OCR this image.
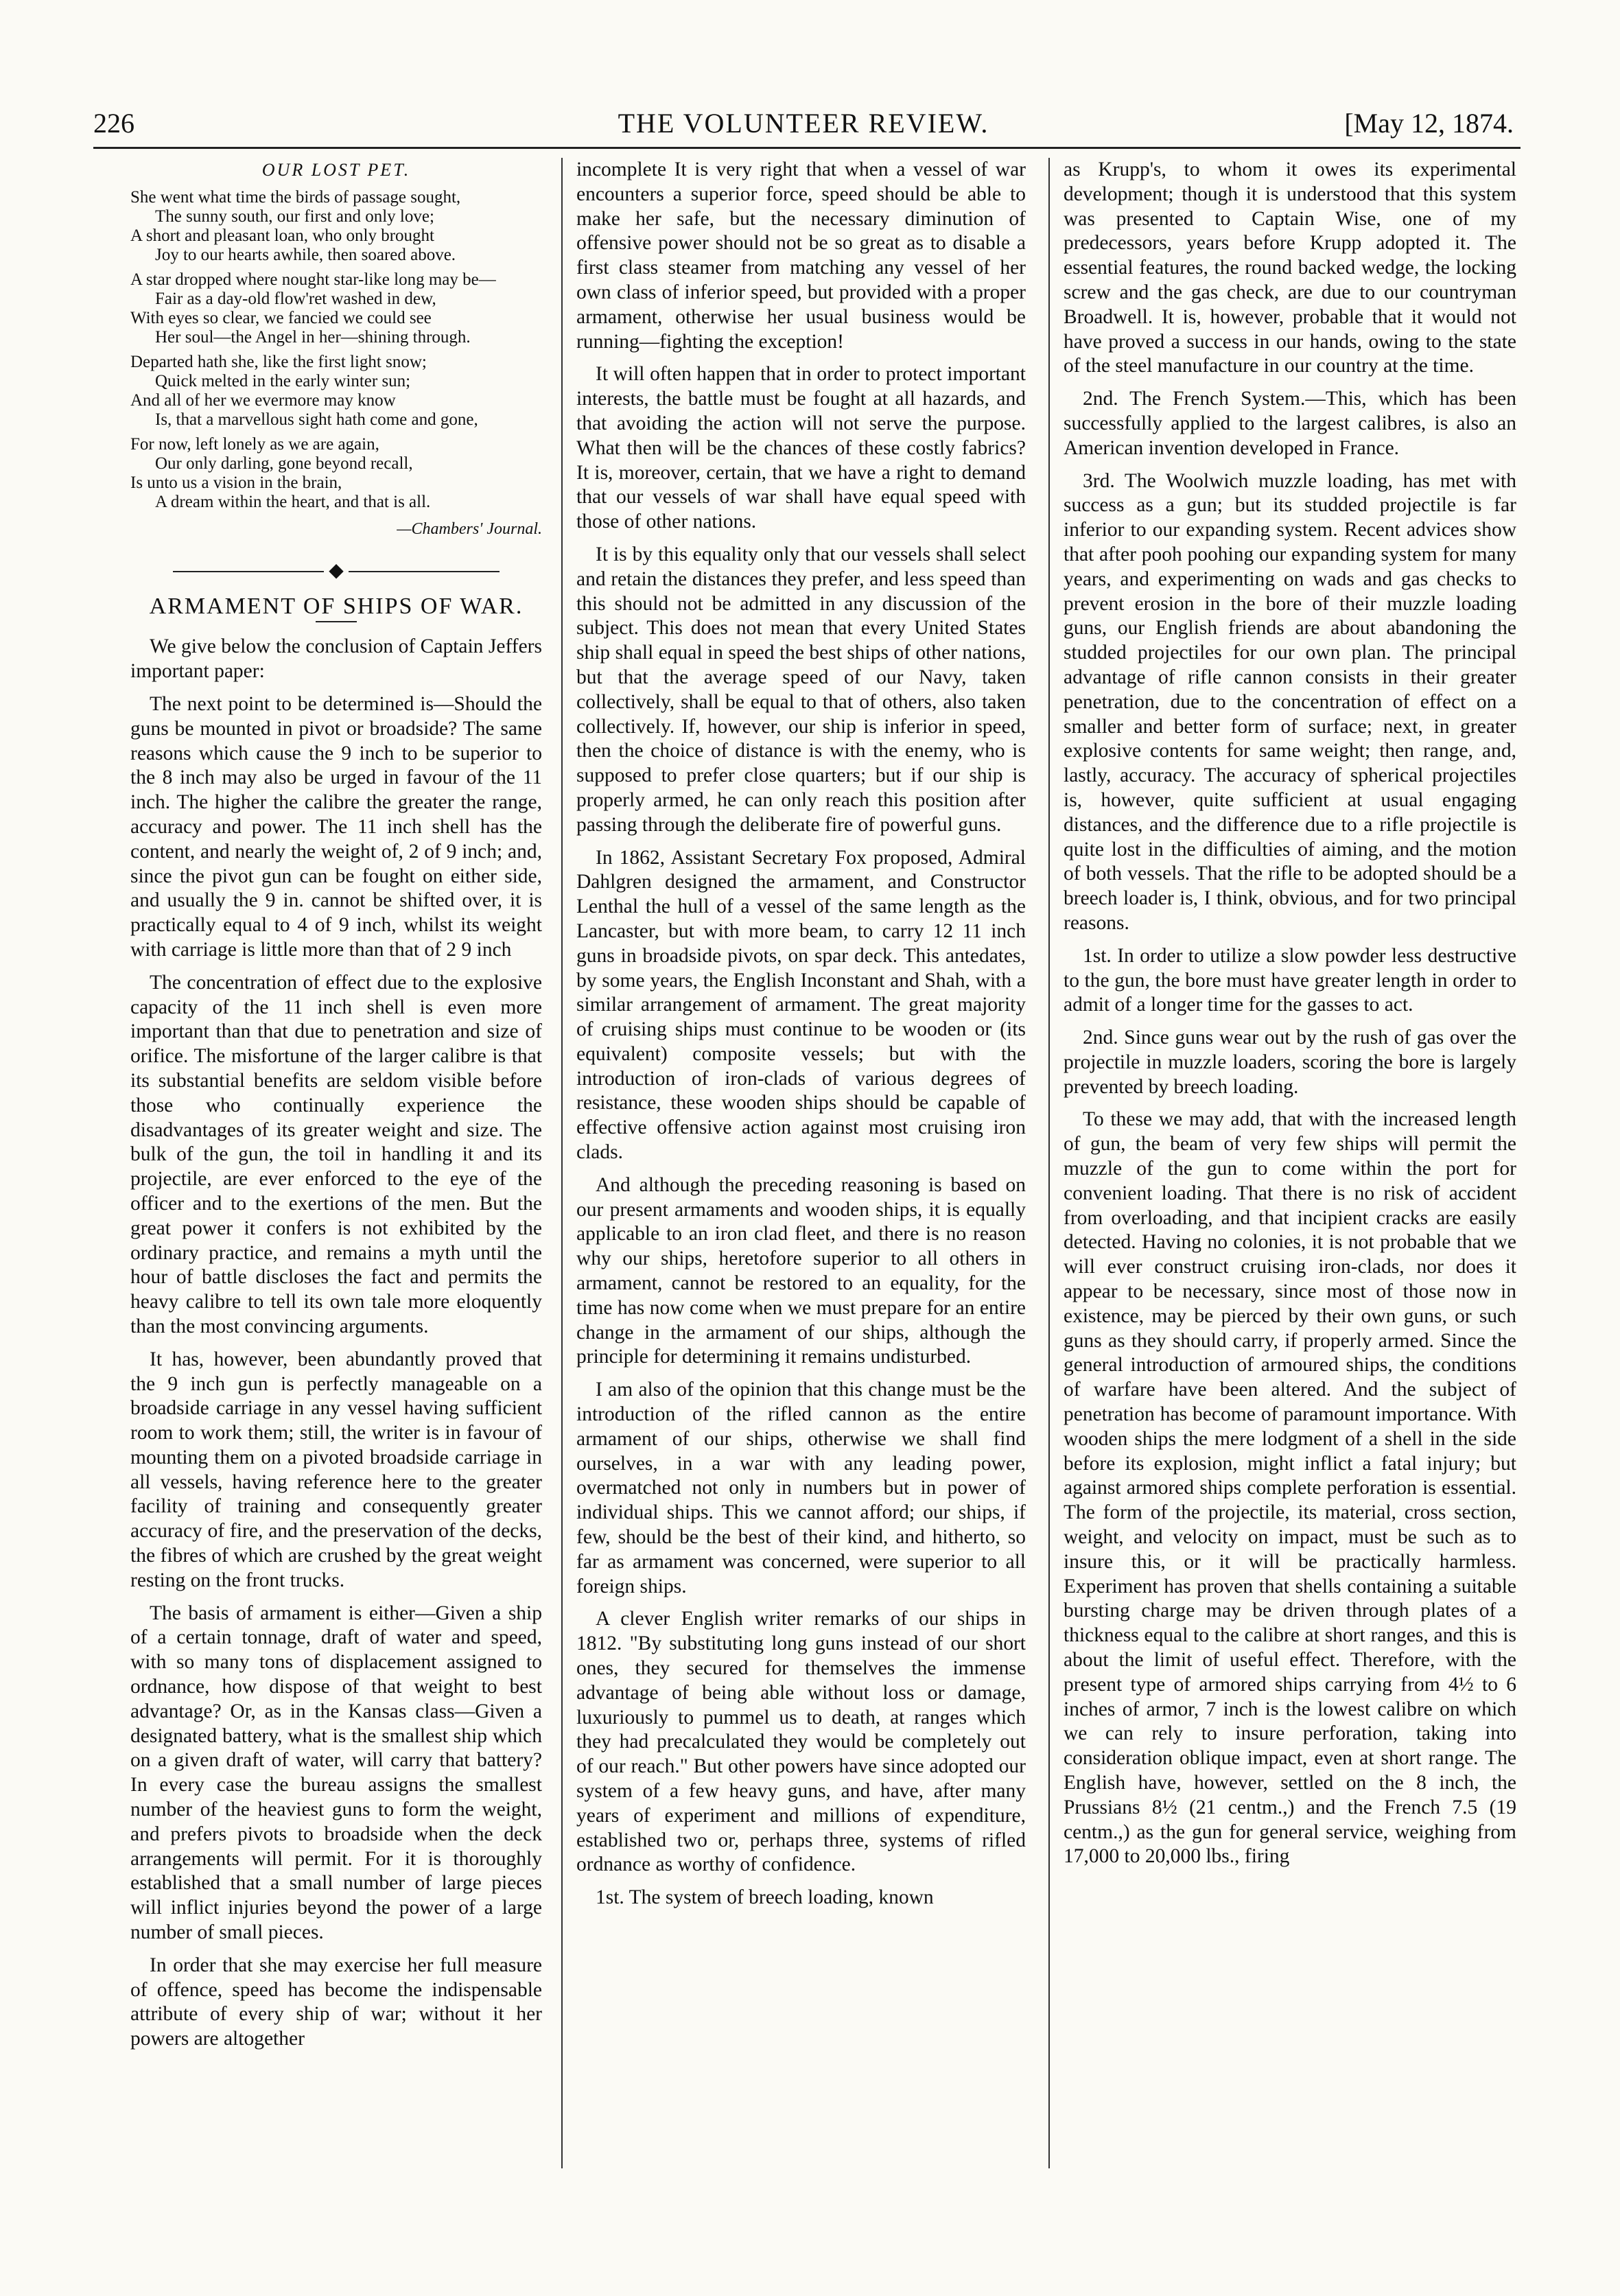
226	THE VOLUNTEER REVIEW.	[May 12, 1874.
OUR LOST PET.
She went what time the birds of passage sought,
The sunny south, our first and only love;
A short and pleasant loan, who only brought
Joy to our hearts awhile, then soared above.
A star dropped where nought star-like long may be—
Fair as a day-old flow'ret washed in dew,
With eyes so clear, we fancied we could see
Her soul—the Angel in her—shining through.
Departed hath she, like the first light snow;
Quick melted in the early winter sun;
And all of her we evermore may know
Is, that a marvellous sight hath come and gone,
For now, left lonely as we are again,
Our only darling, gone beyond recall,
Is unto us a vision in the brain,
A dream within the heart, and that is all.
—Chambers' Journal.
◆
ARMAMENT OF SHIPS OF WAR.

We give below the conclusion of Captain Jeffers important paper:

The next point to be determined is—Should the guns be mounted in pivot or broadside? The same reasons which cause the 9 inch to be superior to the 8 inch may also be urged in favour of the 11 inch. The higher the calibre the greater the range, accuracy and power. The 11 inch shell has the content, and nearly the weight of, 2 of 9 inch; and, since the pivot gun can be fought on either side, and usually the 9 in. cannot be shifted over, it is practically equal to 4 of 9 inch, whilst its weight with carriage is little more than that of 2 9 inch

The concentration of effect due to the explosive capacity of the 11 inch shell is even more important than that due to penetration and size of orifice. The misfortune of the larger calibre is that its substantial benefits are seldom visible before those who continually experience the disadvantages of its greater weight and size. The bulk of the gun, the toil in handling it and its projectile, are ever enforced to the eye of the officer and to the exertions of the men. But the great power it confers is not exhibited by the ordinary practice, and remains a myth until the hour of battle discloses the fact and permits the heavy calibre to tell its own tale more eloquently than the most convincing arguments.

It has, however, been abundantly proved that the 9 inch gun is perfectly manageable on a broadside carriage in any vessel having sufficient room to work them; still, the writer is in favour of mounting them on a pivoted broadside carriage in all vessels, having reference here to the greater facility of training and consequently greater accuracy of fire, and the preservation of the decks, the fibres of which are crushed by the great weight resting on the front trucks.

The basis of armament is either—Given a ship of a certain tonnage, draft of water and speed, with so many tons of displacement assigned to ordnance, how dispose of that weight to best advantage? Or, as in the Kansas class—Given a designated battery, what is the smallest ship which on a given draft of water, will carry that battery? In every case the bureau assigns the smallest number of the heaviest guns to form the weight, and prefers pivots to broadside when the deck arrangements will permit. For it is thoroughly established that a small number of large pieces will inflict injuries beyond the power of a large number of small pieces.

In order that she may exercise her full measure of offence, speed has become the indispensable attribute of every ship of war; without it her powers are altogether

incomplete It is very right that when a vessel of war encounters a superior force, speed should be able to make her safe, but the necessary diminution of offensive power should not be so great as to disable a first class steamer from matching any vessel of her own class of inferior speed, but provided with a proper armament, otherwise her usual business would be running—fighting the exception!

It will often happen that in order to protect important interests, the battle must be fought at all hazards, and that avoiding the action will not serve the purpose. What then will be the chances of these costly fabrics? It is, moreover, certain, that we have a right to demand that our vessels of war shall have equal speed with those of other nations.

It is by this equality only that our vessels shall select and retain the distances they prefer, and less speed than this should not be admitted in any discussion of the subject. This does not mean that every United States ship shall equal in speed the best ships of other nations, but that the average speed of our Navy, taken collectively, shall be equal to that of others, also taken collectively. If, however, our ship is inferior in speed, then the choice of distance is with the enemy, who is supposed to prefer close quarters; but if our ship is properly armed, he can only reach this position after passing through the deliberate fire of powerful guns.

In 1862, Assistant Secretary Fox proposed, Admiral Dahlgren designed the armament, and Constructor Lenthal the hull of a vessel of the same length as the Lancaster, but with more beam, to carry 12 11 inch guns in broadside pivots, on spar deck. This antedates, by some years, the English Inconstant and Shah, with a similar arrangement of armament. The great majority of cruising ships must continue to be wooden or (its equivalent) composite vessels; but with the introduction of iron-clads of various degrees of resistance, these wooden ships should be capable of effective offensive action against most cruising iron clads.

And although the preceding reasoning is based on our present armaments and wooden ships, it is equally applicable to an iron clad fleet, and there is no reason why our ships, heretofore superior to all others in armament, cannot be restored to an equality, for the time has now come when we must prepare for an entire change in the armament of our ships, although the principle for determining it remains undisturbed.

I am also of the opinion that this change must be the introduction of the rifled cannon as the entire armament of our ships, otherwise we shall find ourselves, in a war with any leading power, overmatched not only in numbers but in power of individual ships. This we cannot afford; our ships, if few, should be the best of their kind, and hitherto, so far as armament was concerned, were superior to all foreign ships.

A clever English writer remarks of our ships in 1812. "By substituting long guns instead of our short ones, they secured for themselves the immense advantage of being able without loss or damage, luxuriously to pummel us to death, at ranges which they had precalculated they would be completely out of our reach." But other powers have since adopted our system of a few heavy guns, and have, after many years of experiment and millions of expenditure, established two or, perhaps three, systems of rifled ordnance as worthy of confidence.

1st. The system of breech loading, known

as Krupp's, to whom it owes its experimental development; though it is understood that this system was presented to Captain Wise, one of my predecessors, years before Krupp adopted it. The essential features, the round backed wedge, the locking screw and the gas check, are due to our countryman Broadwell. It is, however, probable that it would not have proved a success in our hands, owing to the state of the steel manufacture in our country at the time.

2nd. The French System.—This, which has been successfully applied to the largest calibres, is also an American invention developed in France.

3rd. The Woolwich muzzle loading, has met with success as a gun; but its studded projectile is far inferior to our expanding system. Recent advices show that after pooh poohing our expanding system for many years, and experimenting on wads and gas checks to prevent erosion in the bore of their muzzle loading guns, our English friends are about abandoning the studded projectiles for our own plan. The principal advantage of rifle cannon consists in their greater penetration, due to the concentration of effect on a smaller and better form of surface; next, in greater explosive contents for same weight; then range, and, lastly, accuracy. The accuracy of spherical projectiles is, however, quite sufficient at usual engaging distances, and the difference due to a rifle projectile is quite lost in the difficulties of aiming, and the motion of both vessels. That the rifle to be adopted should be a breech loader is, I think, obvious, and for two principal reasons.

1st. In order to utilize a slow powder less destructive to the gun, the bore must have greater length in order to admit of a longer time for the gasses to act.

2nd. Since guns wear out by the rush of gas over the projectile in muzzle loaders, scoring the bore is largely prevented by breech loading.

To these we may add, that with the increased length of gun, the beam of very few ships will permit the muzzle of the gun to come within the port for convenient loading. That there is no risk of accident from overloading, and that incipient cracks are easily detected. Having no colonies, it is not probable that we will ever construct cruising iron-clads, nor does it appear to be necessary, since most of those now in existence, may be pierced by their own guns, or such guns as they should carry, if properly armed. Since the general introduction of armoured ships, the conditions of warfare have been altered. And the subject of penetration has become of paramount importance. With wooden ships the mere lodgment of a shell in the side before its explosion, might inflict a fatal injury; but against armored ships complete perforation is essential. The form of the projectile, its material, cross section, weight, and velocity on impact, must be such as to insure this, or it will be practically harmless. Experiment has proven that shells containing a suitable bursting charge may be driven through plates of a thickness equal to the calibre at short ranges, and this is about the limit of useful effect. Therefore, with the present type of armored ships carrying from 4½ to 6 inches of armor, 7 inch is the lowest calibre on which we can rely to insure perforation, taking into consideration oblique impact, even at short range. The English have, however, settled on the 8 inch, the Prussians 8½ (21 centm.,) and the French 7.5 (19 centm.,) as the gun for general service, weighing from 17,000 to 20,000 lbs., firing
